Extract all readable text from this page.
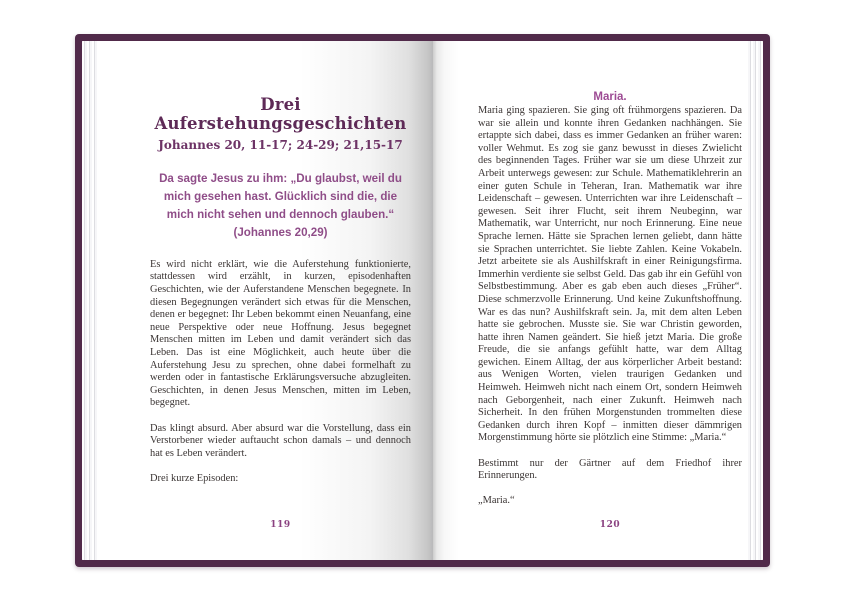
Drei Auferstehungsgeschichten
Johannes 20, 11-17; 24-29; 21,15-17
Da sagte Jesus zu ihm: „Du glaubst, weil du mich gesehen hast. Glücklich sind die, die mich nicht sehen und dennoch glauben.“ (Johannes 20,29)

Es wird nicht erklärt, wie die Auferstehung funktionierte, stattdessen wird erzählt, in kurzen, episodenhaften Geschichten, wie der Auferstandene Menschen begegnete. In diesen Begegnungen verändert sich etwas für die Menschen, denen er begegnet: Ihr Leben bekommt einen Neuanfang, eine neue Perspektive oder neue Hoffnung. Jesus begegnet Menschen mitten im Leben und damit verändert sich das Leben. Das ist eine Möglichkeit, auch heute über die Auferstehung Jesu zu sprechen, ohne dabei formelhaft zu werden oder in fantastische Erklärungsversuche abzugleiten. Geschichten, in denen Jesus Menschen, mitten im Leben, begegnet.

Das klingt absurd. Aber absurd war die Vorstellung, dass ein Verstorbener wieder auftaucht schon damals – und dennoch hat es Leben verändert.

Drei kurze Episoden:

119
Maria.

Maria ging spazieren. Sie ging oft frühmorgens spazieren. Da war sie allein und konnte ihren Gedanken nachhängen. Sie ertappte sich dabei, dass es immer Gedanken an früher waren: voller Wehmut. Es zog sie ganz bewusst in dieses Zwielicht des beginnenden Tages. Früher war sie um diese Uhrzeit zur Arbeit unterwegs gewesen: zur Schule. Mathematiklehrerin an einer guten Schule in Teheran, Iran. Mathematik war ihre Leidenschaft – gewesen. Unterrichten war ihre Leidenschaft – gewesen. Seit ihrer Flucht, seit ihrem Neubeginn, war Mathematik, war Unterricht, nur noch Erinnerung. Eine neue Sprache lernen. Hätte sie Sprachen lernen geliebt, dann hätte sie Sprachen unterrichtet. Sie liebte Zahlen. Keine Vokabeln. Jetzt arbeitete sie als Aushilfskraft in einer Reinigungsfirma. Immerhin verdiente sie selbst Geld. Das gab ihr ein Gefühl von Selbstbestimmung. Aber es gab eben auch dieses „Früher“. Diese schmerzvolle Erinnerung. Und keine Zukunftshoffnung. War es das nun? Aushilfskraft sein. Ja, mit dem alten Leben hatte sie gebrochen. Musste sie. Sie war Christin geworden, hatte ihren Namen geändert. Sie hieß jetzt Maria. Die große Freude, die sie anfangs gefühlt hatte, war dem Alltag gewichen. Einem Alltag, der aus körperlicher Arbeit bestand: aus Wenigen Worten, vielen traurigen Gedanken und Heimweh. Heimweh nicht nach einem Ort, sondern Heimweh nach Geborgenheit, nach einer Zukunft. Heimweh nach Sicherheit. In den frühen Morgenstunden trommelten diese Gedanken durch ihren Kopf – inmitten dieser dämmrigen Morgenstimmung hörte sie plötzlich eine Stimme: „Maria.“

Bestimmt nur der Gärtner auf dem Friedhof ihrer Erinnerungen.

„Maria.“

120
